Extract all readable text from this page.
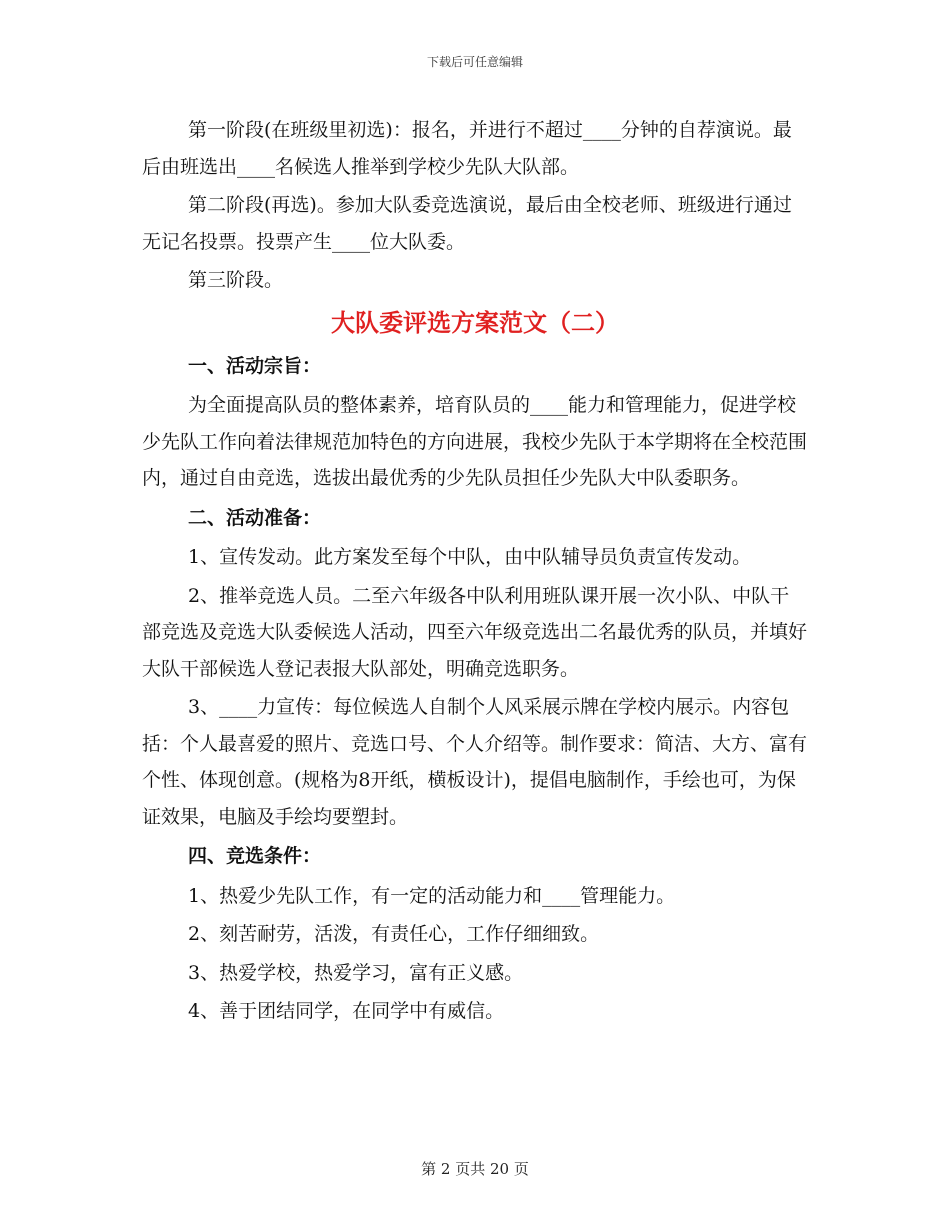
下载后可任意编辑

第一阶段(在班级里初选)：报名，并进行不超过____分钟的自荐演说。最后由班选出____名候选人推举到学校少先队大队部。

第二阶段(再选)。参加大队委竞选演说，最后由全校老师、班级进行通过无记名投票。投票产生____位大队委。

第三阶段。

大队委评选方案范文（二）

一、活动宗旨：

为全面提高队员的整体素养，培育队员的____能力和管理能力，促进学校少先队工作向着法律规范加特色的方向进展，我校少先队于本学期将在全校范围内，通过自由竞选，选拔出最优秀的少先队员担任少先队大中队委职务。

二、活动准备：

1、宣传发动。此方案发至每个中队，由中队辅导员负责宣传发动。

2、推举竞选人员。二至六年级各中队利用班队课开展一次小队、中队干部竞选及竞选大队委候选人活动，四至六年级竞选出二名最优秀的队员，并填好大队干部候选人登记表报大队部处，明确竞选职务。

3、____力宣传：每位候选人自制个人风采展示牌在学校内展示。内容包括：个人最喜爱的照片、竞选口号、个人介绍等。制作要求：简洁、大方、富有个性、体现创意。(规格为8开纸，横板设计)，提倡电脑制作，手绘也可，为保证效果，电脑及手绘均要塑封。

四、竞选条件：

1、热爱少先队工作，有一定的活动能力和____管理能力。

2、刻苦耐劳，活泼，有责任心，工作仔细细致。

3、热爱学校，热爱学习，富有正义感。

4、善于团结同学，在同学中有威信。

第 2 页共 20 页
